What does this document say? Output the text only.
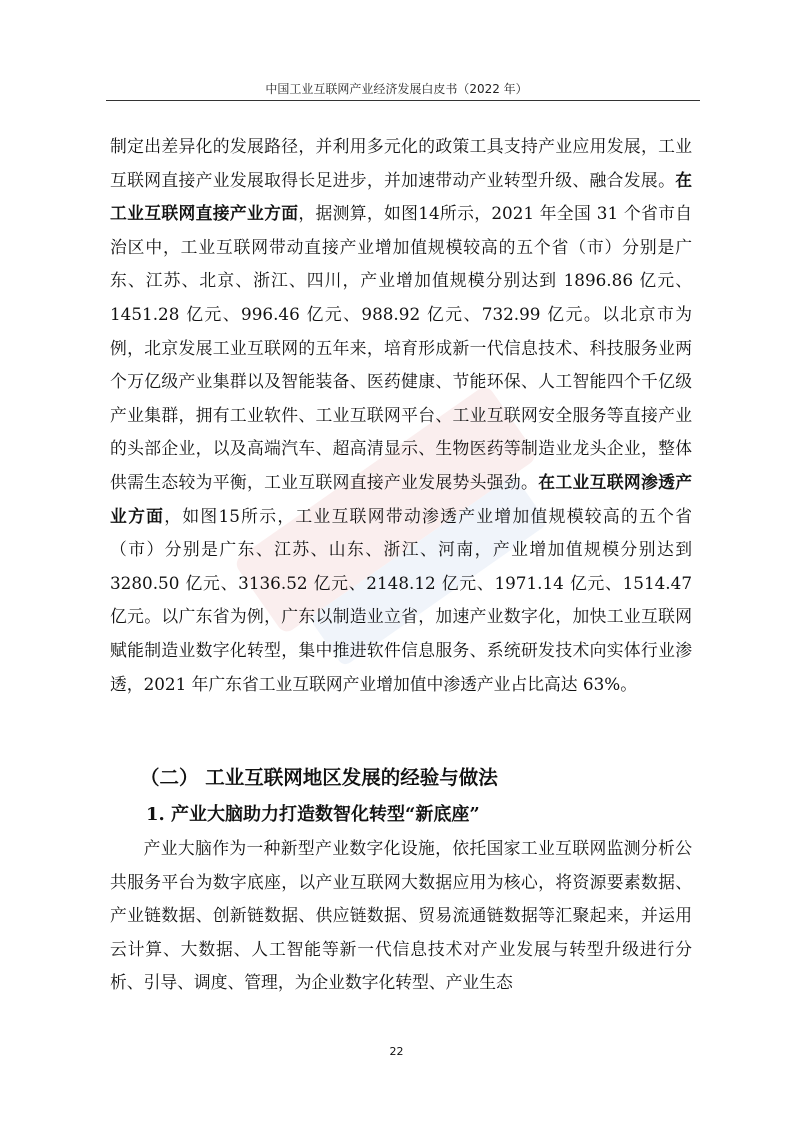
中国工业互联网产业经济发展白皮书（2022 年）

制定出差异化的发展路径，并利用多元化的政策工具支持产业应用发展，工业互联网直接产业发展取得长足进步，并加速带动产业转型升级、融合发展。在工业互联网直接产业方面，据测算，如图14所示，2021 年全国 31 个省市自治区中，工业互联网带动直接产业增加值规模较高的五个省（市）分别是广东、江苏、北京、浙江、四川，产业增加值规模分别达到 1896.86 亿元、1451.28 亿元、996.46 亿元、988.92 亿元、732.99 亿元。以北京市为例，北京发展工业互联网的五年来，培育形成新一代信息技术、科技服务业两个万亿级产业集群以及智能装备、医药健康、节能环保、人工智能四个千亿级产业集群，拥有工业软件、工业互联网平台、工业互联网安全服务等直接产业的头部企业，以及高端汽车、超高清显示、生物医药等制造业龙头企业，整体供需生态较为平衡，工业互联网直接产业发展势头强劲。在工业互联网渗透产业方面，如图15所示，工业互联网带动渗透产业增加值规模较高的五个省（市）分别是广东、江苏、山东、浙江、河南，产业增加值规模分别达到 3280.50 亿元、3136.52 亿元、2148.12 亿元、1971.14 亿元、1514.47 亿元。以广东省为例，广东以制造业立省，加速产业数字化，加快工业互联网赋能制造业数字化转型，集中推进软件信息服务、系统研发技术向实体行业渗透，2021 年广东省工业互联网产业增加值中渗透产业占比高达 63%。

（二） 工业互联网地区发展的经验与做法
1. 产业大脑助力打造数智化转型“新底座”

产业大脑作为一种新型产业数字化设施，依托国家工业互联网监测分析公共服务平台为数字底座，以产业互联网大数据应用为核心，将资源要素数据、产业链数据、创新链数据、供应链数据、贸易流通链数据等汇聚起来，并运用云计算、大数据、人工智能等新一代信息技术对产业发展与转型升级进行分析、引导、调度、管理，为企业数字化转型、产业生态

22
